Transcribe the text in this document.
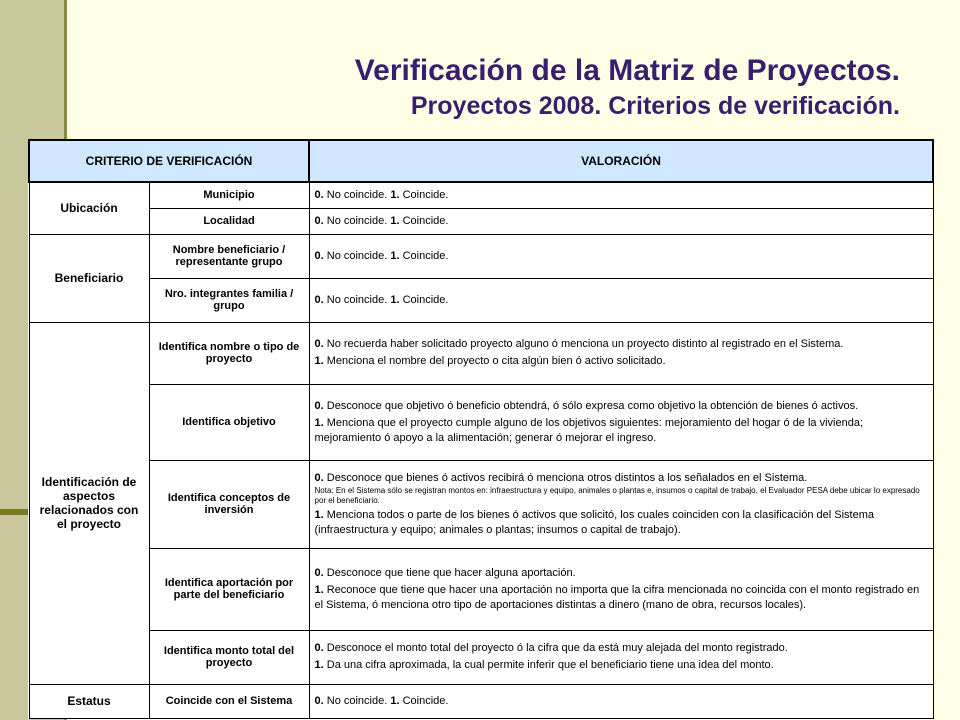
Verificación de la Matriz de Proyectos.
Proyectos 2008. Criterios de verificación.
CRITERIO DE VERIFICACIÓN		VALORACIÓN
Ubicación	Municipio	0. No coincide. 1. Coincide.
	Localidad	0. No coincide. 1. Coincide.
Beneficiario	Nombre beneficiario / representante grupo	0. No coincide. 1. Coincide.
	Nro. integrantes familia / grupo	0. No coincide. 1. Coincide.
Identificación de aspectos relacionados con el proyecto	Identifica nombre o tipo de proyecto	0. No recuerda haber solicitado proyecto alguno ó menciona un proyecto distinto al registrado en el Sistema.

1. Menciona el nombre del proyecto o cita algún bien ó activo solicitado.

	Identifica objetivo	0. Desconoce que objetivo ó beneficio obtendrá, ó sólo expresa como objetivo la obtención de bienes ó activos.

1. Menciona que el proyecto cumple alguno de los objetivos siguientes: mejoramiento del hogar ó de la vivienda; mejoramiento ó apoyo a la alimentación; generar ó mejorar el ingreso.

	Identifica conceptos de inversión	0. Desconoce que bienes ó activos recibirá ó menciona otros distintos a los señalados en el Sistema.

Nota: En el Sistema sólo se registran montos en: infraestructura y equipo, animales o plantas e, insumos o capital de trabajo, el Evaluador PESA debe ubicar lo expresado por el beneficiario.

1. Menciona todos o parte de los bienes ó activos que solicitó, los cuales coinciden con la clasificación del Sistema (infraestructura y equipo; animales o plantas; insumos o capital de trabajo).

	Identifica aportación por parte del beneficiario	0. Desconoce que tiene que hacer alguna aportación.

1. Reconoce que tiene que hacer una aportación no importa que la cifra mencionada no coincida con el monto registrado en el Sistema, ó menciona otro tipo de aportaciones distintas a dinero (mano de obra, recursos locales).

	Identifica monto total del proyecto	0. Desconoce el monto total del proyecto ó la cifra que da está muy alejada del monto registrado.

1. Da una cifra aproximada, la cual permite inferir que el beneficiario tiene una idea del monto.

Estatus	Coincide con el Sistema	0. No coincide. 1. Coincide.
